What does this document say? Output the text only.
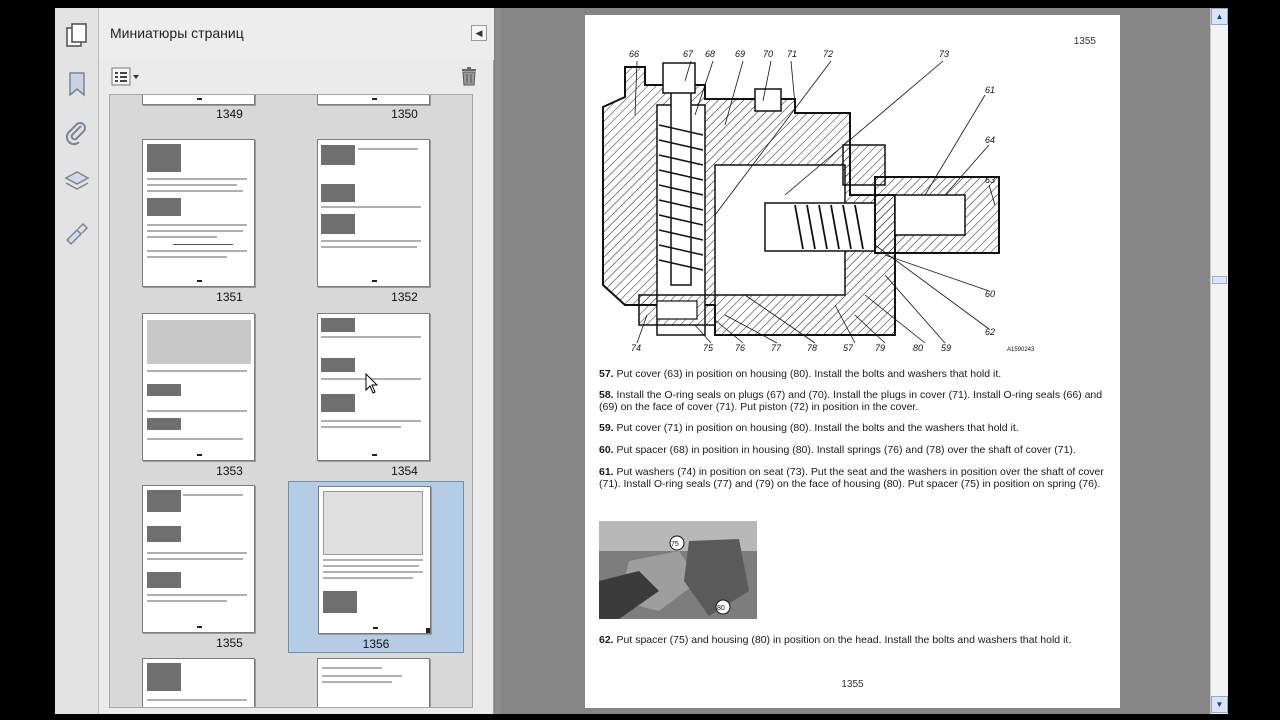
Миниатюры страниц	◀
1349	1350
1351	1352
1353	1354
1355	1356
1355
66	67 68 69 70 71	72	73
61
64
63
60
62
59
80
79
57
78
77
76
75
74	A1590243
57. Put cover (63) in position on housing (80). Install the bolts and washers that hold it.
58. Install the O-ring seals on plugs (67) and (70). Install the plugs in cover (71). Install O-ring seals (66) and (69) on the face of cover (71). Put piston (72) in position in the cover.
59. Put cover (71) in position on housing (80). Install the bolts and the washers that hold it.
60. Put spacer (68) in position in housing (80). Install springs (76) and (78) over the shaft of cover (71).
61. Put washers (74) in position on seat (73). Put the seat and the washers in position over the shaft of cover (71). Install O-ring seals (77) and (79) on the face of housing (80). Put spacer (75) in position on spring (76).
75
80
62. Put spacer (75) and housing (80) in position on the head. Install the bolts and washers that hold it.
1355
▲
▼
